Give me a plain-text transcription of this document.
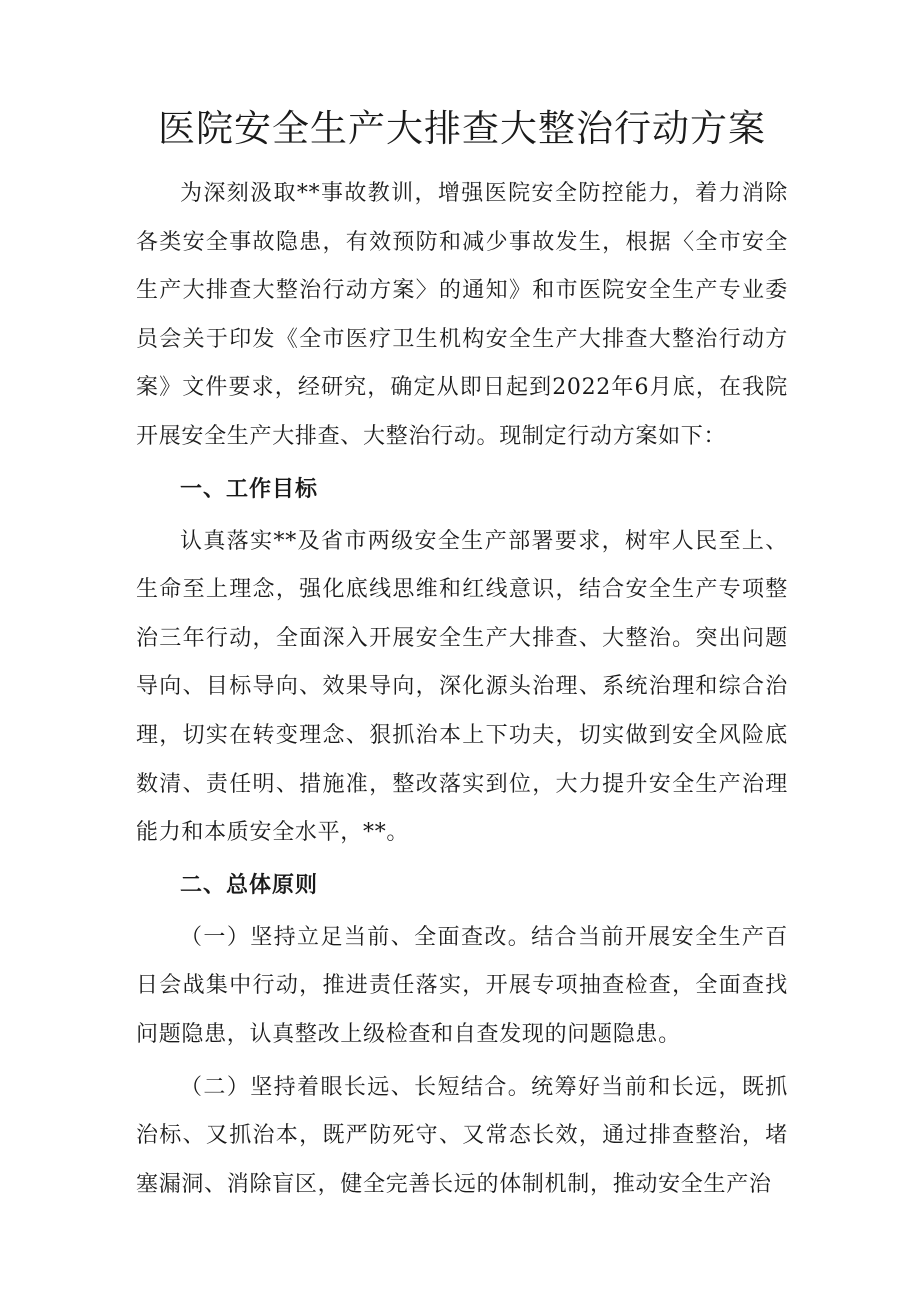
医院安全生产大排查大整治行动方案

为深刻汲取**事故教训，增强医院安全防控能力，着力消除各类安全事故隐患，有效预防和减少事故发生，根据〈全市安全生产大排查大整治行动方案〉的通知》和市医院安全生产专业委员会关于印发《全市医疗卫生机构安全生产大排查大整治行动方案》文件要求，经研究，确定从即日起到2022年6月底，在我院开展安全生产大排查、大整治行动。现制定行动方案如下：

一、工作目标

认真落实**及省市两级安全生产部署要求，树牢人民至上、生命至上理念，强化底线思维和红线意识，结合安全生产专项整治三年行动，全面深入开展安全生产大排查、大整治。突出问题导向、目标导向、效果导向，深化源头治理、系统治理和综合治理，切实在转变理念、狠抓治本上下功夫，切实做到安全风险底数清、责任明、措施准，整改落实到位，大力提升安全生产治理能力和本质安全水平，**。

二、总体原则

（一）坚持立足当前、全面查改。结合当前开展安全生产百日会战集中行动，推进责任落实，开展专项抽查检查，全面查找问题隐患，认真整改上级检查和自查发现的问题隐患。

（二）坚持着眼长远、长短结合。统筹好当前和长远，既抓治标、又抓治本，既严防死守、又常态长效，通过排查整治，堵塞漏洞、消除盲区，健全完善长远的体制机制，推动安全生产治
